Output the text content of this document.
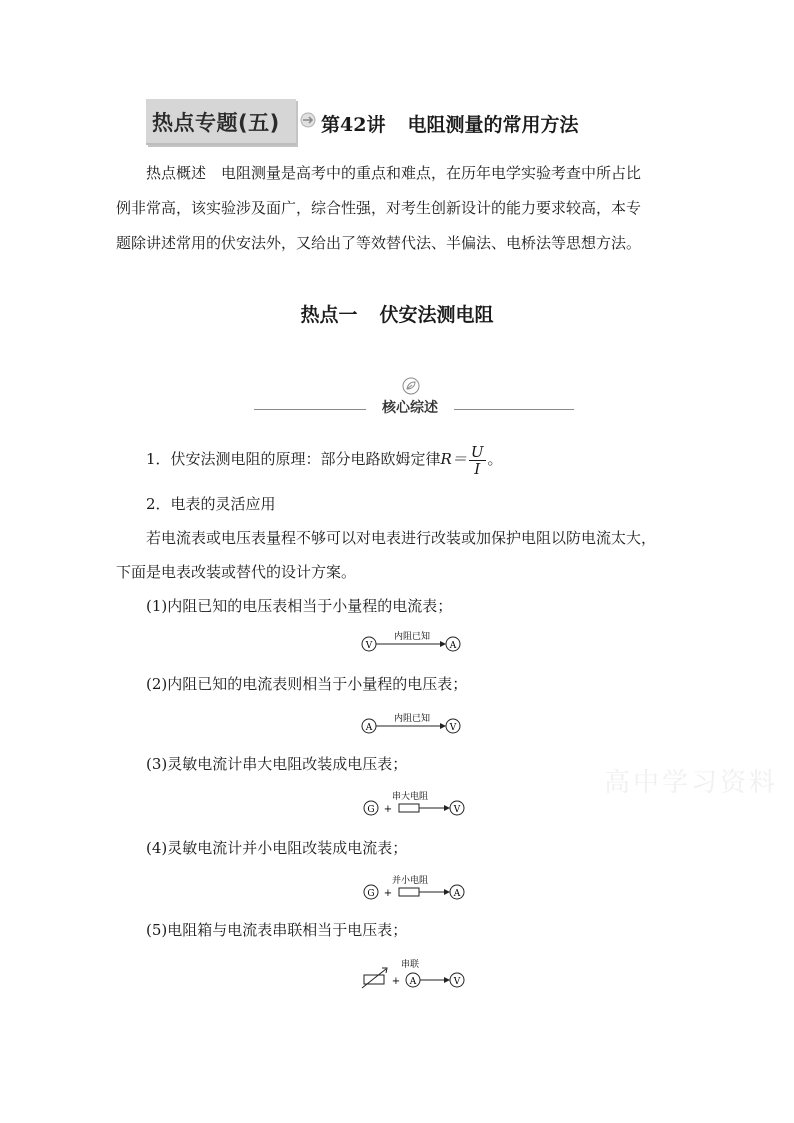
热点专题(五) 第42讲 电阻测量的常用方法
热点概述　电阻测量是高考中的重点和难点，在历年电学实验考查中所占比
例非常高，该实验涉及面广，综合性强，对考生创新设计的能力要求较高，本专
题除讲述常用的伏安法外，又给出了等效替代法、半偏法、电桥法等思想方法。
热点一 伏安法测电阻
核心综述
1．伏安法测电阻的原理：部分电路欧姆定律$R= \frac{U}{I}$ 。
2．电表的灵活应用
若电流表或电压表量程不够可以对电表进行改装或加保护电阻以防电流太大，
下面是电表改装或替代的设计方案。
(1)内阻已知的电压表相当于小量程的电流表；
(2)内阻已知的电流表则相当于小量程的电压表；
(3)灵敏电流计串大电阻改装成电压表；
(4)灵敏电流计并小电阻改装成电流表；
(5)电阻箱与电流表串联相当于电压表；
V
内阻已知
A
A
内阻已知
V
G +
串大电阻
V
G +
并小电阻
A
+ A
串联
V
高中学习资料
